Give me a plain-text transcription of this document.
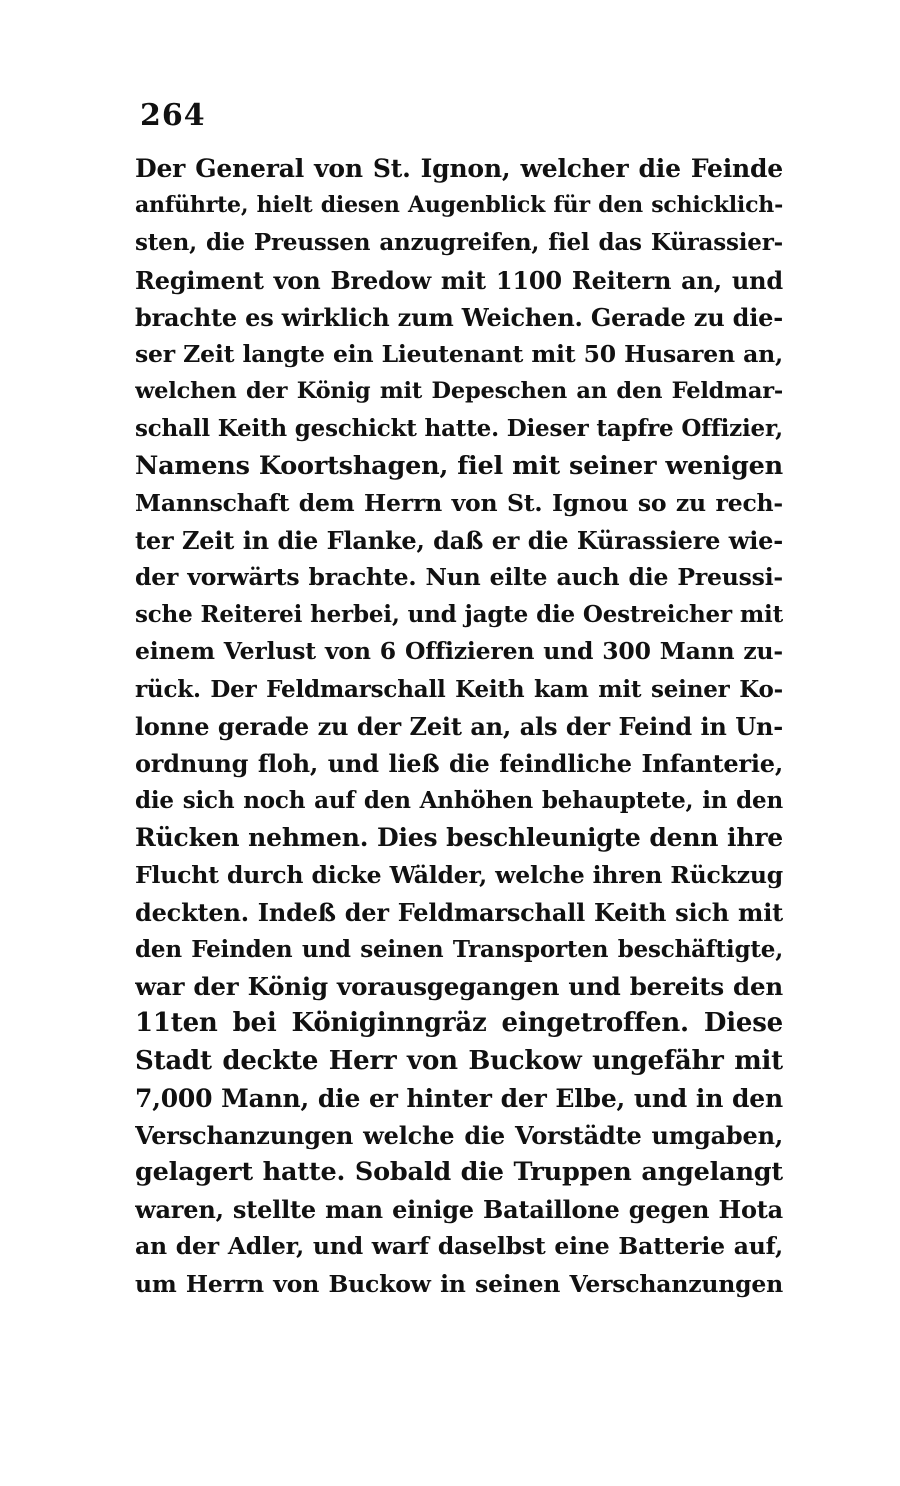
264
Der General von St. Ignon, welcher die Feinde
anführte, hielt diesen Augenblick für den schicklich-
sten, die Preussen anzugreifen, fiel das Kürassier-
Regiment von Bredow mit 1100 Reitern an, und
brachte es wirklich zum Weichen. Gerade zu die-
ser Zeit langte ein Lieutenant mit 50 Husaren an,
welchen der König mit Depeschen an den Feldmar-
schall Keith geschickt hatte. Dieser tapfre Offizier,
Namens Koortshagen, fiel mit seiner wenigen
Mannschaft dem Herrn von St. Ignou so zu rech-
ter Zeit in die Flanke, daß er die Kürassiere wie-
der vorwärts brachte. Nun eilte auch die Preussi-
sche Reiterei herbei, und jagte die Oestreicher mit
einem Verlust von 6 Offizieren und 300 Mann zu-
rück. Der Feldmarschall Keith kam mit seiner Ko-
lonne gerade zu der Zeit an, als der Feind in Un-
ordnung floh, und ließ die feindliche Infanterie,
die sich noch auf den Anhöhen behauptete, in den
Rücken nehmen. Dies beschleunigte denn ihre
Flucht durch dicke Wälder, welche ihren Rückzug
deckten. Indeß der Feldmarschall Keith sich mit
den Feinden und seinen Transporten beschäftigte,
war der König vorausgegangen und bereits den
11ten bei Königinngräz eingetroffen. Diese
Stadt deckte Herr von Buckow ungefähr mit
7,000 Mann, die er hinter der Elbe, und in den
Verschanzungen welche die Vorstädte umgaben,
gelagert hatte. Sobald die Truppen angelangt
waren, stellte man einige Bataillone gegen Hota
an der Adler, und warf daselbst eine Batterie auf,
um Herrn von Buckow in seinen Verschanzungen
